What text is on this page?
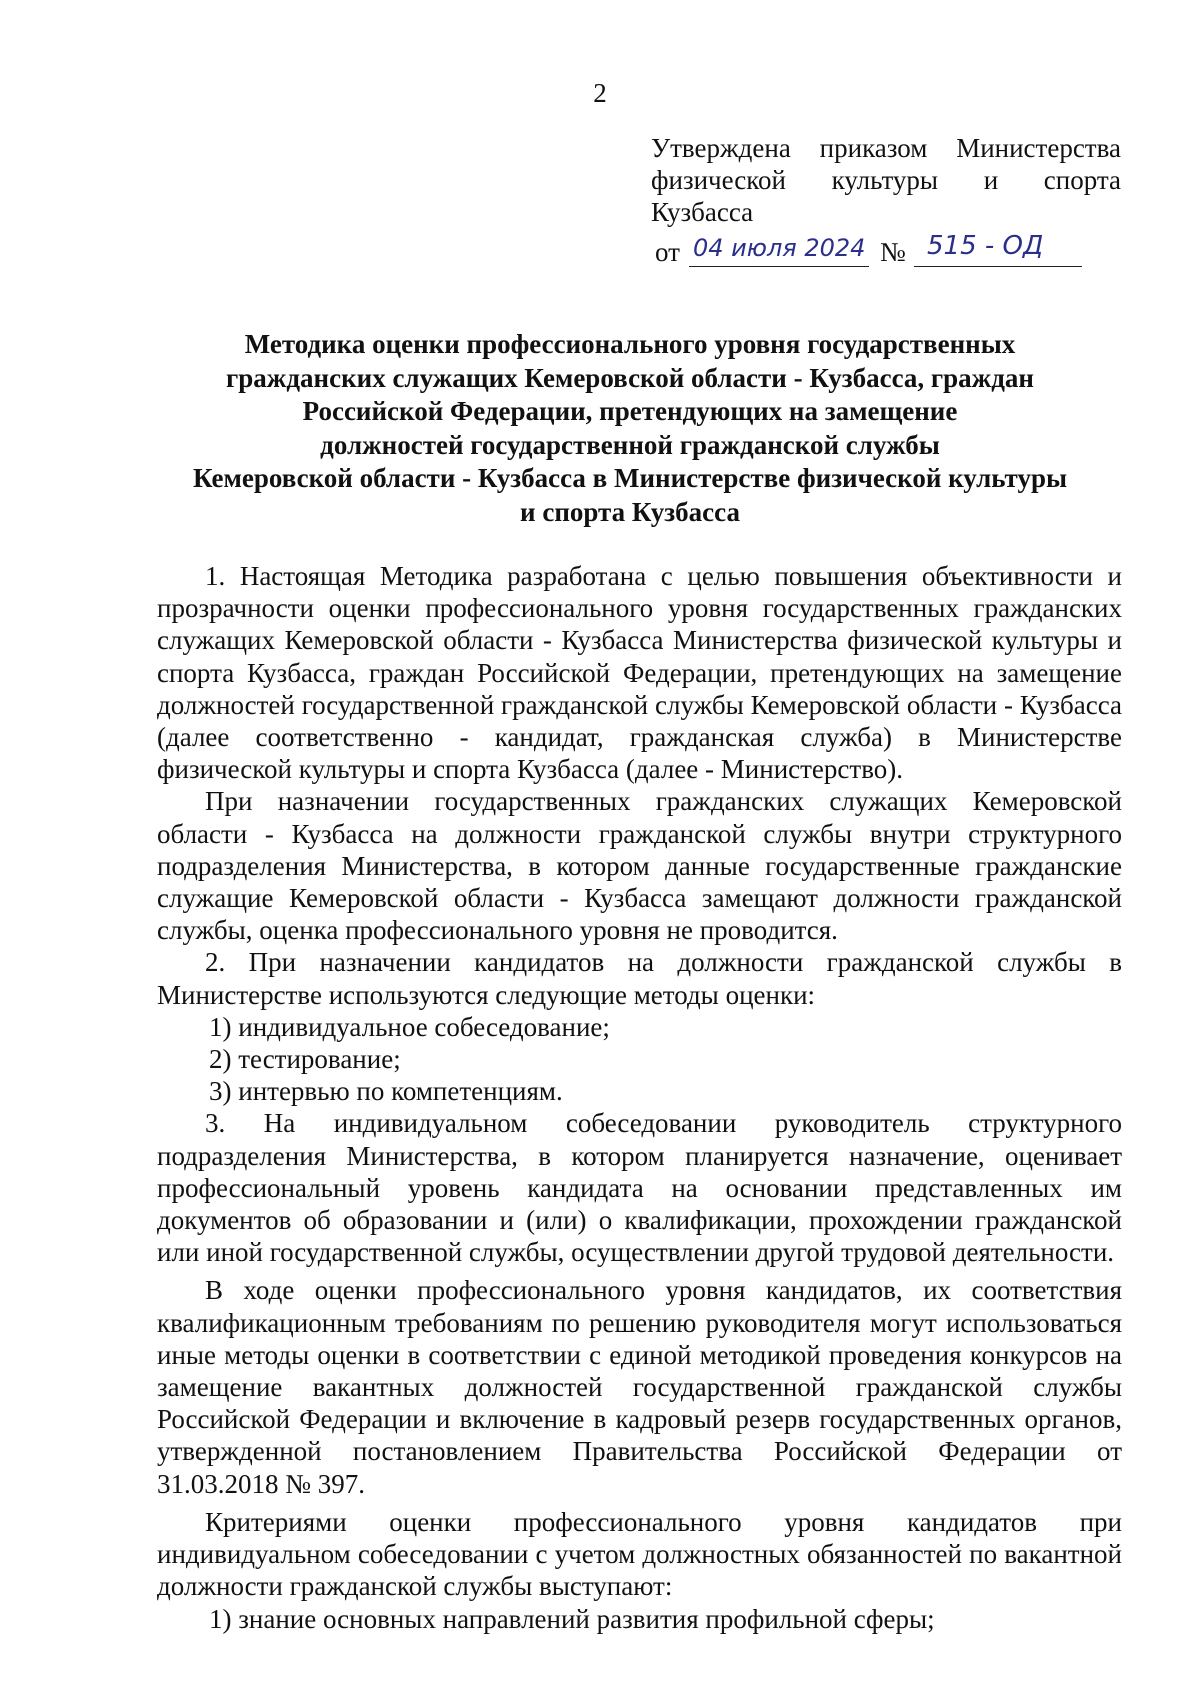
2
Утверждена приказом Министерства
физической культуры и спорта
Кузбасса
от 04 июля 2024 № 515 - ОД
Методика оценки профессионального уровня государственных
гражданских служащих Кемеровской области - Кузбасса, граждан
Российской Федерации, претендующих на замещение
должностей государственной гражданской службы
Кемеровской области - Кузбасса в Министерстве физической культуры
и спорта Кузбасса

1. Настоящая Методика разработана с целью повышения объективности и прозрачности оценки профессионального уровня государственных гражданских служащих Кемеровской области - Кузбасса Министерства физической культуры и спорта Кузбасса, граждан Российской Федерации, претендующих на замещение должностей государственной гражданской службы Кемеровской области - Кузбасса (далее соответственно - кандидат, гражданская служба) в Министерстве физической культуры и спорта Кузбасса (далее - Министерство).

При назначении государственных гражданских служащих Кемеровской области - Кузбасса на должности гражданской службы внутри структурного подразделения Министерства, в котором данные государственные гражданские служащие Кемеровской области - Кузбасса замещают должности гражданской службы, оценка профессионального уровня не проводится.

2. При назначении кандидатов на должности гражданской службы в Министерстве используются следующие методы оценки:

1) индивидуальное собеседование;

2) тестирование;

3) интервью по компетенциям.

3. На индивидуальном собеседовании руководитель структурного подразделения Министерства, в котором планируется назначение, оценивает профессиональный уровень кандидата на основании представленных им документов об образовании и (или) о квалификации, прохождении гражданской или иной государственной службы, осуществлении другой трудовой деятельности.

В ходе оценки профессионального уровня кандидатов, их соответствия квалификационным требованиям по решению руководителя могут использоваться иные методы оценки в соответствии с единой методикой проведения конкурсов на замещение вакантных должностей государственной гражданской службы Российской Федерации и включение в кадровый резерв государственных органов, утвержденной постановлением Правительства Российской Федерации от 31.03.2018 № 397.

Критериями оценки профессионального уровня кандидатов при индивидуальном собеседовании с учетом должностных обязанностей по вакантной должности гражданской службы выступают:

1) знание основных направлений развития профильной сферы;
